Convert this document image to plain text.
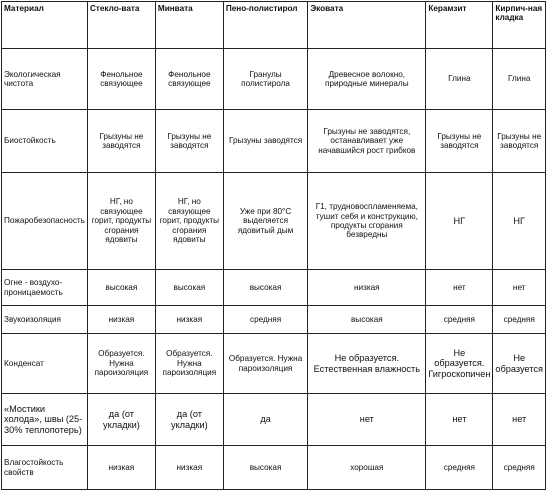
Материал	Стекло-вата	Минвата	Пено-полистирол	Эковата	Керамзит	Кирпич-ная кладка
Экологическая чистота	Фенольное связующее	Фенольное связующее	Гранулы полистирола	Древесное волокно, природные минералы	Глина	Глина
Биостойкость	Грызуны не заводятся	Грызуны не заводятся	Грызуны заводятся	Грызуны не заводятся, останавливает уже начавшийся рост грибков	Грызуны не заводятся	Грызуны не заводятся
Пожаробезопасность	НГ, но связующее горит, продукты сгорания ядовиты	НГ, но связующее горит, продукты сгорания ядовиты	Уже при 80°С выделяется ядовитый дым	Г1, трудновоспламеняема, тушит себя и конструкцию, продукты сгорания безвредны	НГ	НГ
Огне - воздухо-проницаемость	высокая	высокая	высокая	низкая	нет	нет
Звукоизоляция	низкая	низкая	средняя	высокая	средняя	средняя
Конденсат	Образуется. Нужна пароизоляция	Образуется. Нужна пароизоляция	Образуется. Нужна пароизоляция	Не образуется. Естественная влажность	Не образуется. Гигроскопичен	Не образуется
«Мостики холода», швы (25-30% теплопотерь)	да (от укладки)	да (от укладки)	да	нет	нет	нет
Влагостойкость свойств	низкая	низкая	высокая	хорошая	средняя	средняя
